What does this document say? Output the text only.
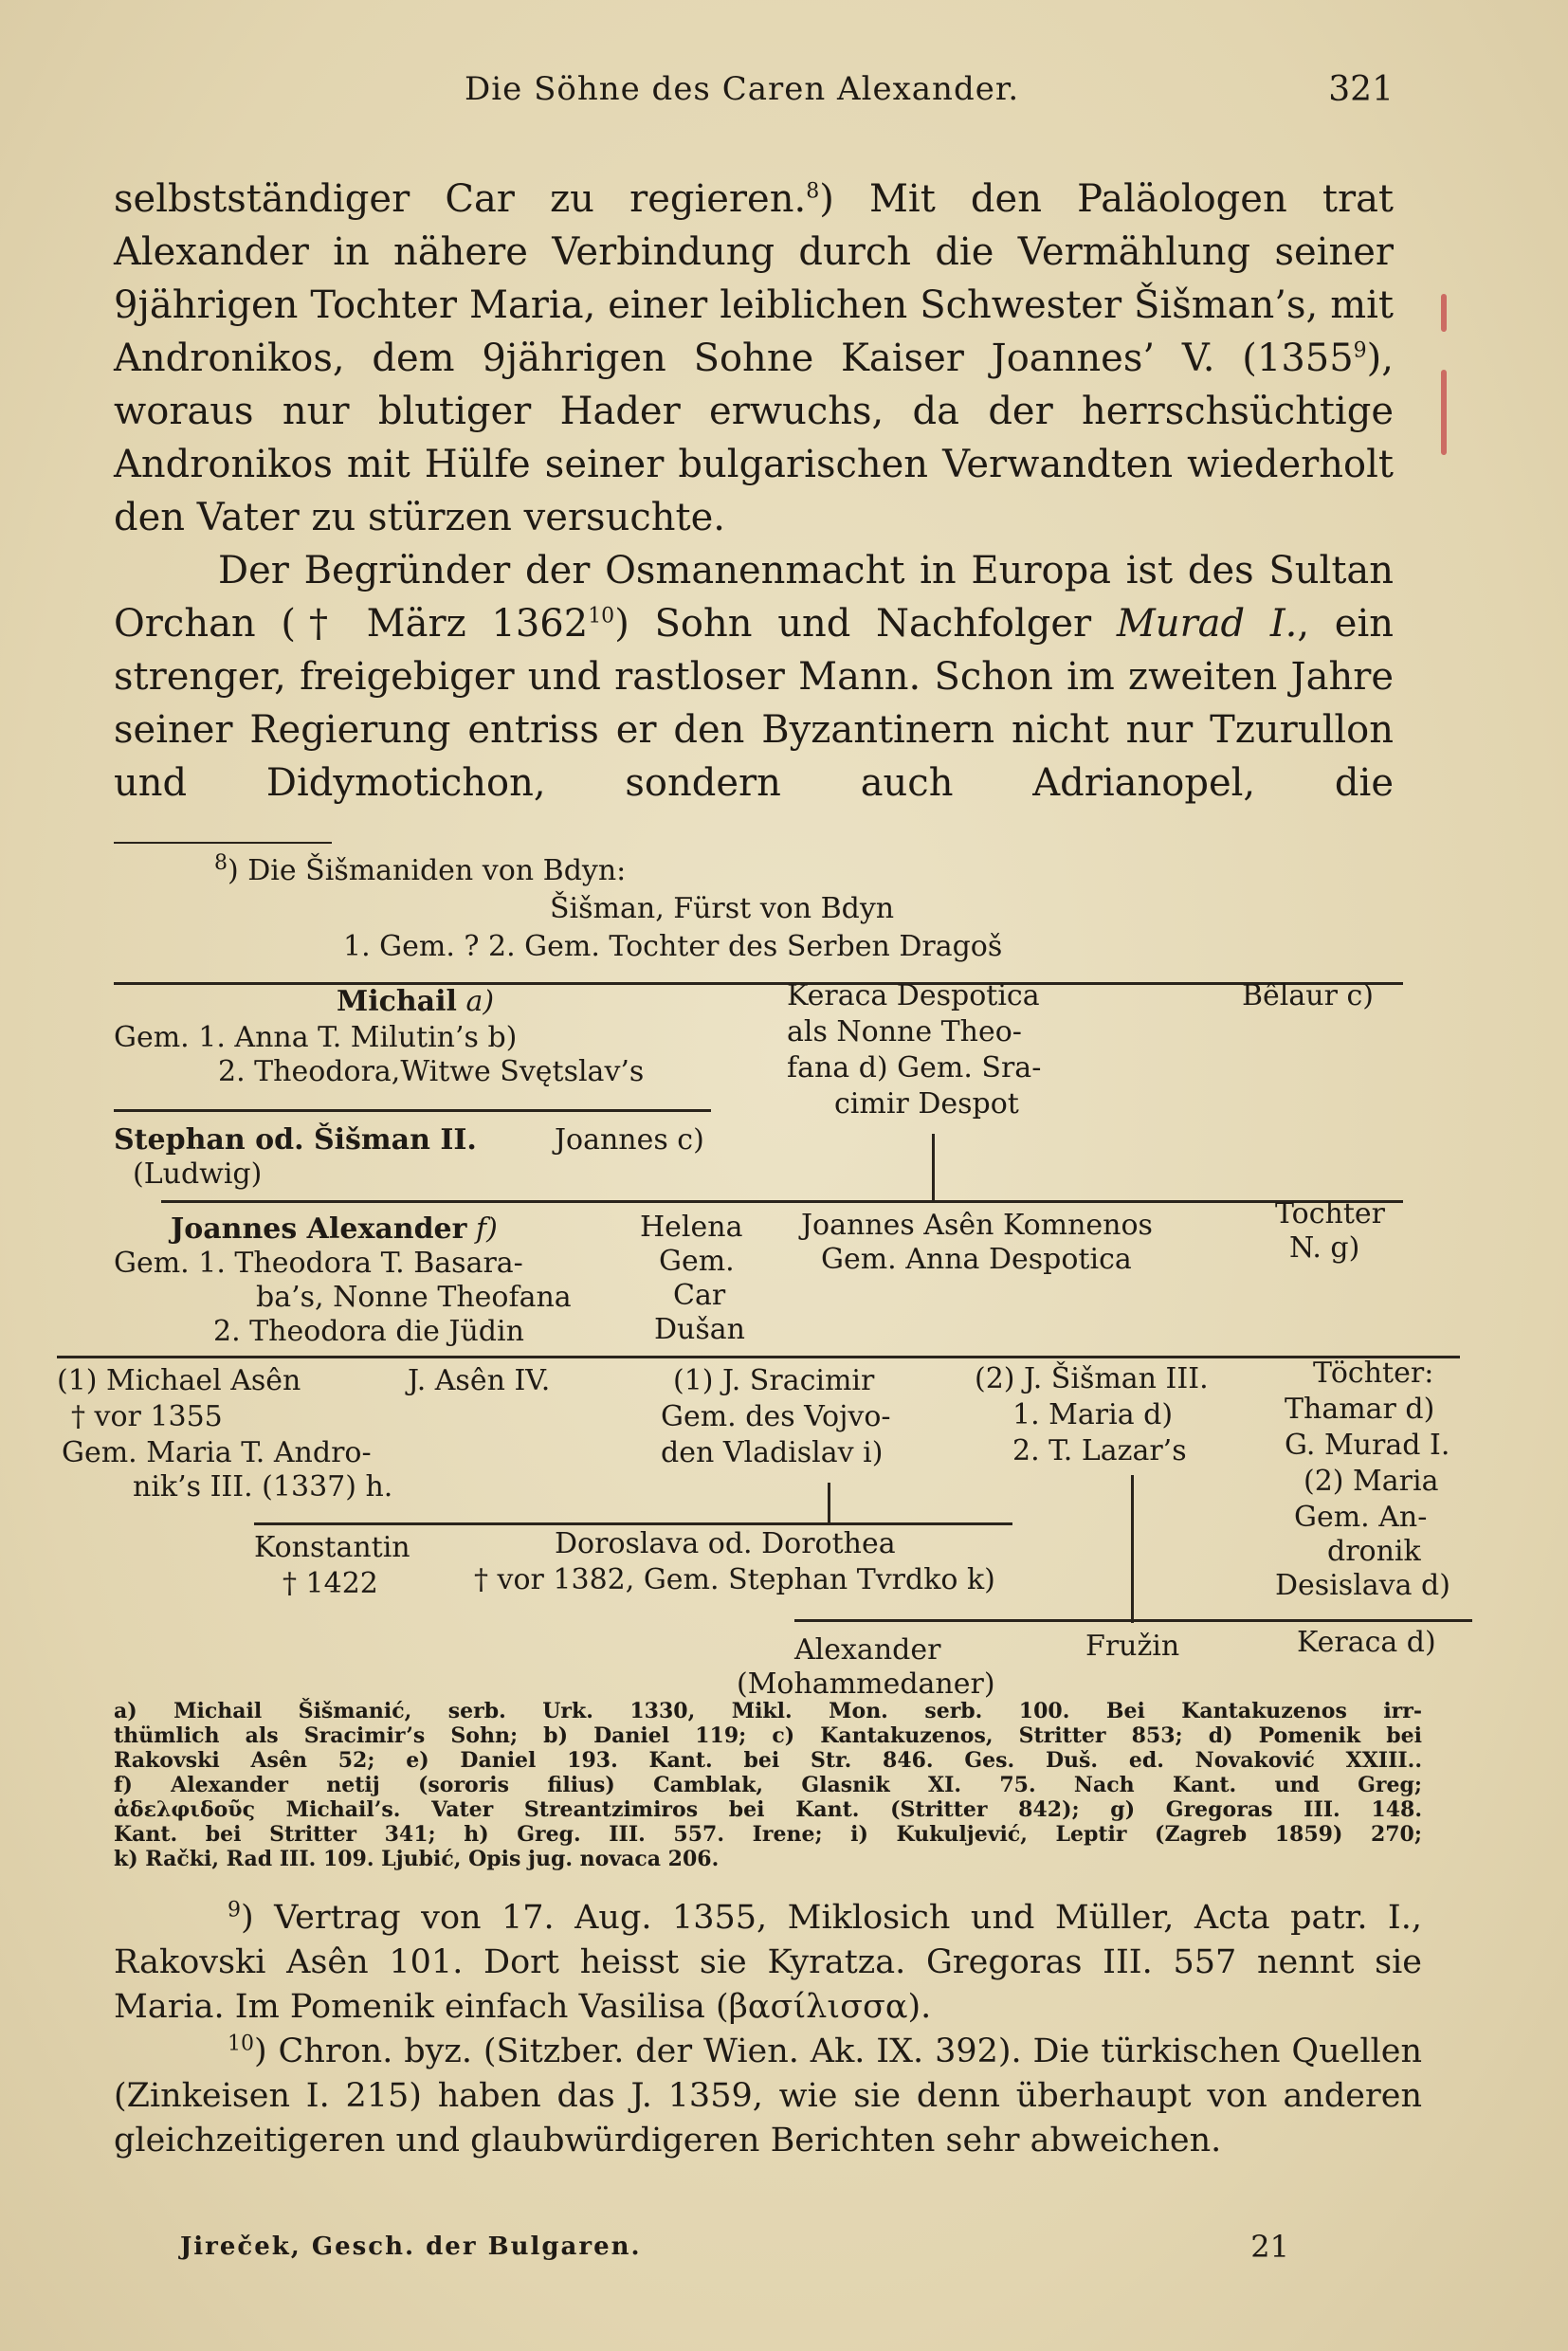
Die Söhne des Caren Alexander.	321

selbstständiger Car zu regieren.$^8$) Mit den Paläologen trat Alexander in nähere Verbindung durch die Vermählung seiner 9jährigen Tochter Maria, einer leiblichen Schwester Šišman’s, mit Andronikos, dem 9jährigen Sohne Kaiser Joannes’ V. (1355$^9$), woraus nur blutiger Hader erwuchs, da der herrschsüchtige Andronikos mit Hülfe seiner bulgarischen Verwandten wiederholt den Vater zu stürzen versuchte.

Der Begründer der Osmanenmacht in Europa ist des Sultan Orchan († März 1362$^{10}$) Sohn und Nachfolger Murad I., ein strenger, freigebiger und rastloser Mann. Schon im zweiten Jahre seiner Regierung entriss er den Byzantinern nicht nur Tzurullon und Didymotichon, sondern auch Adrianopel, die

$^8$) Die Šišmaniden von Bdyn:
Šišman, Fürst von Bdyn
1. Gem. ? 2. Gem. Tochter des Serben Dragoš
Michail a)
Gem. 1. Anna T. Milutin’s b)
2. Theodora,Witwe Svętslav’s
Keraca Despotica
als Nonne Theo-
fana d) Gem. Sra-
cimir Despot
Bêlaur c)
Stephan od. Šišman II.
(Ludwig)
Joannes c)
Joannes Alexander f)
Gem. 1. Theodora T. Basara-
ba’s, Nonne Theofana
2. Theodora die Jüdin
Helena
Gem.
Car
Dušan
Joannes Asên Komnenos
Gem. Anna Despotica
Tochter
N. g)
(1) Michael Asên
† vor 1355
Gem. Maria T. Andro-
nik’s III. (1337) h.
J. Asên IV.	(1) J. Sracimir
Gem. des Vojvo-
den Vladislav i)
(2) J. Šišman III.
1. Maria d)
2. T. Lazar’s
Töchter:
Thamar d)
G. Murad I.
(2) Maria
Gem. An-
dronik
Desislava d)
Konstantin
† 1422
Doroslava od. Dorothea
† vor 1382, Gem. Stephan Tvrdko k)
Alexander
(Mohammedaner)
Fružin	Keraca d)

a) Michail Šišmanić, serb. Urk. 1330, Mikl. Mon. serb. 100. Bei Kantakuzenos irr-

thümlich als Sracimir’s Sohn; b) Daniel 119; c) Kantakuzenos, Stritter 853; d) Pomenik bei

Rakovski Asên 52; e) Daniel 193. Kant. bei Str. 846. Ges. Duš. ed. Novaković XXIII..

f) Alexander netij (sororis filius) Camblak, Glasnik XI. 75. Nach Kant. und Greg;

ἀδελφιδοῦς Michail’s. Vater Streantzimiros bei Kant. (Stritter 842); g) Gregoras III. 148.

Kant. bei Stritter 341; h) Greg. III. 557. Irene; i) Kukuljević, Leptir (Zagreb 1859) 270;

k) Rački, Rad III. 109. Ljubić, Opis jug. novaca 206.

$^9$) Vertrag von 17. Aug. 1355, Miklosich und Müller, Acta patr. I., Rakovski Asên 101. Dort heisst sie Kyratza. Gregoras III. 557 nennt sie Maria. Im Pomenik einfach Vasilisa (βασίλισσα).

$^{10}$) Chron. byz. (Sitzber. der Wien. Ak. IX. 392). Die türkischen Quellen (Zinkeisen I. 215) haben das J. 1359, wie sie denn überhaupt von anderen gleichzeitigeren und glaubwürdigeren Berichten sehr abweichen.

Jireček, Gesch. der Bulgaren.	21
